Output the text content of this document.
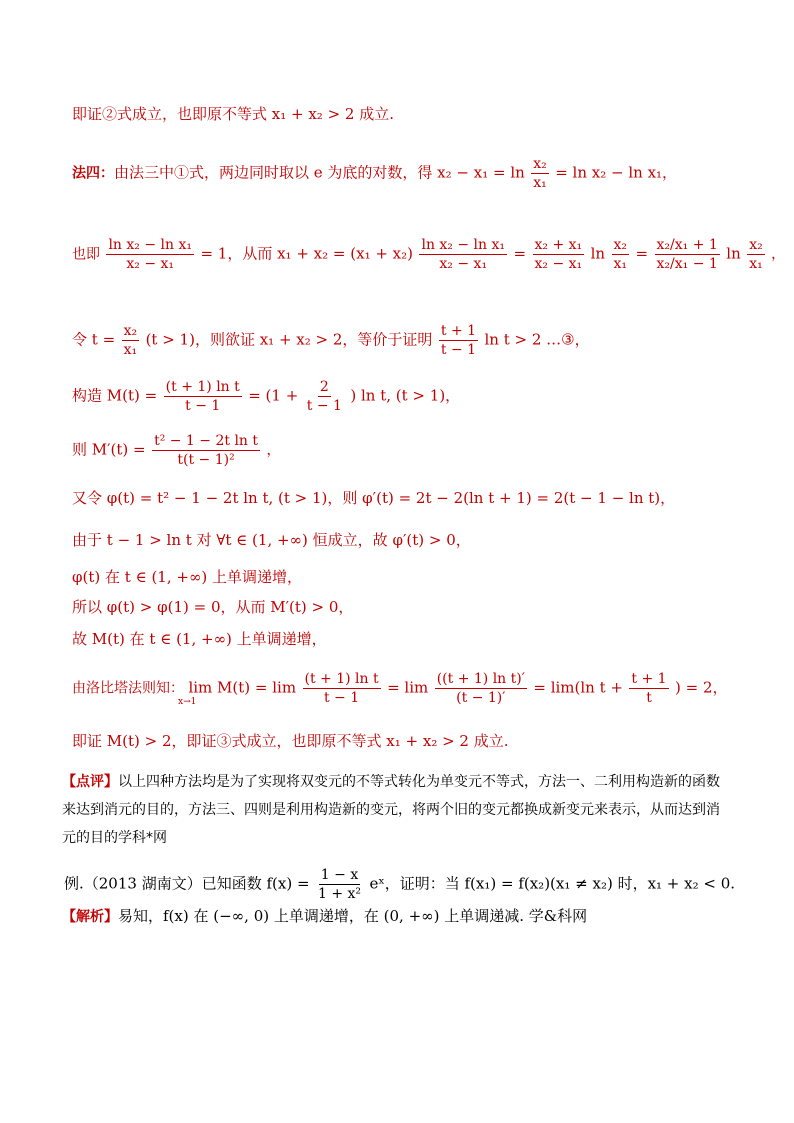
即证②式成立，也即原不等式 x₁ + x₂ > 2 成立.
法四：由法三中①式，两边同时取以 e 为底的对数，得 $x_2 - x_1 = \ln \frac{\text{x₂}}{\text{x₁}} = \ln x_2 - \ln x_1$，
也即 $\frac{\text{ln x₂ − ln x₁}}{\text{x₂ − x₁}} = 1$，从而 $x_1 + x_2 = (x_1 + x_2) \frac{\text{ln x₂ − ln x₁}}{\text{x₂ − x₁}} = \frac{\text{x₂ + x₁}}{\text{x₂ − x₁}}$ $\ln \frac{\text{x₂}}{\text{x₁}} = \frac{\text{x₂/x₁ + 1}}{\text{x₂/x₁ − 1}}$ $\ln \frac{\text{x₂}}{\text{x₁}}$ ，
令 $t = \frac{\text{x₂}}{\text{x₁}} (t > 1)$，则欲证 x₁ + x₂ > 2，等价于证明 $\frac{t + 1}{t - 1}$ ln t > 2 …③，
构造 $M(t) = \frac{\text{(t + 1) ln t}}{t - 1} = (1 + \frac{2}{t - 1}$ ) ln t, (t > 1)，
则 $M'(t) = \frac{\text{t² − 1 − 2t ln t}}{\text{t(t − 1)²}}$ ，
又令 φ(t) = t² − 1 − 2t ln t, (t > 1)，则 φ′(t) = 2t − 2(ln t + 1) = 2(t − 1 − ln t)，
由于 t − 1 > ln t 对 ∀t ∈ (1, +∞) 恒成立，故 φ′(t) > 0，
φ(t) 在 t ∈ (1, +∞) 上单调递增，
所以 φ(t) > φ(1) = 0，从而 M′(t) > 0，
故 M(t) 在 t ∈ (1, +∞) 上单调递增，
由洛比塔法则知： $\lim M(t) = \lim \frac{\text{(t + 1) ln t}}{t - 1} = \lim \frac{\text{((t + 1) ln t)′}}{(t - 1)'} = \lim(\ln$ $t + \frac{t + 1}{t}$ ) = 2，
x→1
即证 M(t) > 2，即证③式成立，也即原不等式 x₁ + x₂ > 2 成立.
【点评】以上四种方法均是为了实现将双变元的不等式转化为单变元不等式，方法一、二利用构造新的函数来达到消元的目的，方法三、四则是利用构造新的变元，将两个旧的变元都换成新变元来表示，从而达到消元的目的学科*网
例.（2013 湖南文）已知函数 $f(x) = \frac{1 - x}{\text{1 + x²}}$ eˣ，证明：当 f(x₁) = f(x₂)(x₁ ≠ x₂) 时，x₁ + x₂ < 0.
【解析】易知，f(x) 在 (−∞, 0) 上单调递增，在 (0, +∞) 上单调递减. 学&科网
